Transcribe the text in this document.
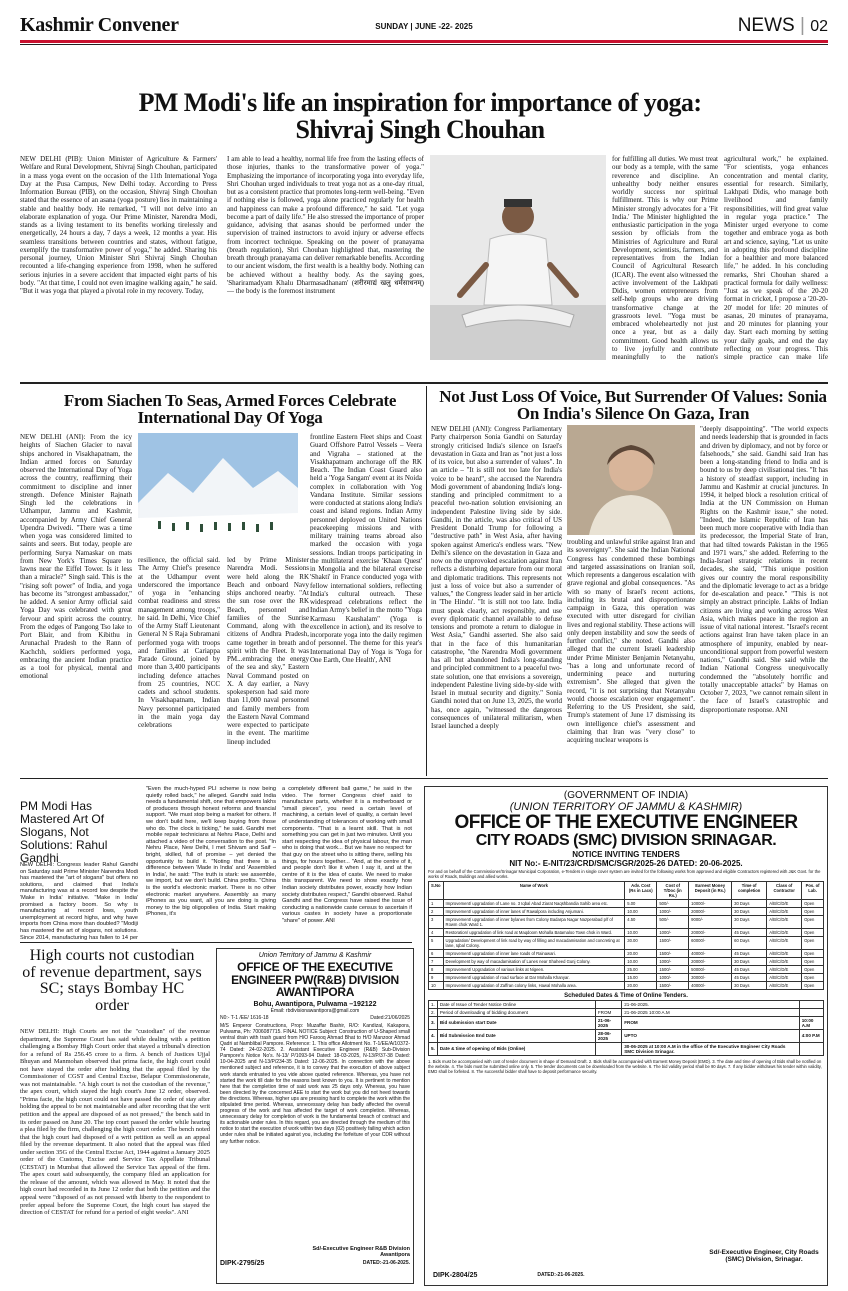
Kashmir Convener	SUNDAY | JUNE -22- 2025	NEWS | 02
PM Modi's life an inspiration for importance of yoga: Shivraj Singh Chouhan
NEW DELHI (PIB): Union Minister of Agriculture & Farmers' Welfare and Rural Development, Shivraj Singh Chouhan, participated in a mass yoga event on the occasion of the 11th International Yoga Day at the Pusa Campus, New Delhi today. According to Press Information Bureau (PIB), on the occasion, Shivraj Singh Chouhan stated that the essence of an asana (yoga posture) lies in maintaining a stable and healthy body. He remarked, "I will not delve into an elaborate explanation of yoga. Our Prime Minister, Narendra Modi, stands as a living testament to its benefits working tirelessly and energetically, 24 hours a day, 7 days a week, 12 months a year. His seamless transitions between countries and states, without fatigue, exemplify the transformative power of yoga," he added. Sharing his personal journey, Union Minister Shri Shivraj Singh Chouhan recounted a life-changing experience from 1998, when he suffered serious injuries in a severe accident that impacted eight parts of his body. "At that time, I could not even imagine walking again," he said. "But it was yoga that played a pivotal role in my recovery. Today,
I am able to lead a healthy, normal life free from the lasting effects of those injuries, thanks to the transformative power of yoga." Emphasizing the importance of incorporating yoga into everyday life, Shri Chouhan urged individuals to treat yoga not as a one-day ritual, but as a consistent practice that promotes long-term well-being. "Even if nothing else is followed, yoga alone practiced regularly for health and happiness can make a profound difference," he said. "Let yoga become a part of daily life." He also stressed the importance of proper guidance, advising that asanas should be performed under the supervision of trained instructors to avoid injury or adverse effects from incorrect technique. Speaking on the power of pranayama (breath regulation), Shri Chouhan highlighted that, mastering the breath through pranayama can deliver remarkable benefits. According to our ancient wisdom, the first wealth is a healthy body. Nothing can be achieved without a healthy body. As the saying goes, 'Shariramadyam Khalu Dharmasadhanam' (शरीरमाद्यं खलु धर्मसाधनम्) — the body is the foremost instrument
From Siachen To Seas, Armed Forces Celebrate International Day Of Yoga
NEW DELHI (ANI): From the icy heights of Siachen Glacier to naval ships anchored in Visakhapatnam, the Indian armed forces on Saturday observed the International Day of Yoga across the country, reaffirming their commitment to discipline and inner strength. Defence Minister Rajnath Singh led the celebrations in Udhampur, Jammu and Kashmir, accompanied by Army Chief General Upendra Dwivedi. "There was a time when yoga was considered limited to saints and seers. But today, people are performing Surya Namaskar on mats from New York's Times Square to lawns near the Eiffel Tower. Is it less than a miracle?" Singh said. This is the "rising soft power" of India, and yoga has become its "strongest ambassador," he added. A senior Army official said Yoga Day was celebrated with great fervour and spirit across the country. From the edges of Pangong Tso lake to Port Blair, and from Kibithu in Arunachal Pradesh to the Rann of Kachchh, soldiers performed yoga, embracing the ancient Indian practice as a tool for physical, mental and emotional
resilience, the official said. The Army Chief's presence at the Udhampur event underscored the importance of yoga in "enhancing combat readiness and stress management among troops," he said. In Delhi, Vice Chief of the Army Staff Lieutenant General N S Raja Subramani performed yoga with troops and families at Cariappa Parade Ground, joined by more than 3,400 participants including defence attaches from 25 countries, NCC cadets and school students. In Visakhapatnam, Indian Navy personnel participated in the main yoga day celebrations
led by Prime Minister Narendra Modi. Sessions were held along the RK Beach and onboard Navy ships anchored nearby. "At the sun rose over the RK Beach, personnel and families of the Sunrise Command, along with the citizens of Andhra Pradesh, came together in breath and spirit with the Fleet. It was PM...embracing the energy of the sea and sky," Eastern Naval Command posted on X. A day earlier, a Navy spokesperson had said more than 11,000 naval personnel and family members from the Eastern Naval Command were expected to participate in the event. The maritime lineup included
frontline Eastern Fleet ships and Coast Guard Offshore Patrol Vessels – Veera and Vigraha – stationed at the Visakhapatnam anchorage off the RK Beach. The Indian Coast Guard also held a 'Yoga Sangam' event at its Noida complex in collaboration with Yog Vandana Institute. Similar sessions were conducted at stations along India's coast and island regions. Indian Army personnel deployed on United Nations peacekeeping missions and with military training teams abroad also marked the occasion with yoga sessions. Indian troops participating in the multilateral exercise 'Khaan Quest' in Mongolia and the bilateral exercise 'Shakti' in France conducted yoga with fellow international soldiers, reflecting India's cultural outreach. These widespread celebrations reflect the Indian Army's belief in the motto "Yoga Karmasu Kaushalam" (Yoga is excellence in action), and its resolve to incorporate yoga into the daily regimen of personnel. The theme for this year's International Day of Yoga is 'Yoga for One Earth, One Health', ANI
Not Just Loss Of Voice, But Surrender Of Values: Sonia On India's Silence On Gaza, Iran
NEW DELHI (ANI): Congress Parliamentary Party chairperson Sonia Gandhi on Saturday strongly criticised India's silence on Israel's devastation in Gaza and Iran as "not just a loss of its voice, but also a surrender of values". In an article – "It is still not too late for India's voice to be heard", she accused the Narendra Modi government of abandoning India's long-standing and principled commitment to a peaceful two-nation solution envisioning an independent Palestine living side by side. Gandhi, in the article, was also critical of US President Donald Trump for following a "destructive path" in West Asia, after having spoken against America's endless wars. "New Delhi's silence on the devastation in Gaza and now on the unprovoked escalation against Iran reflects a disturbing departure from our moral and diplomatic traditions. This represents not just a loss of voice but also a surrender of values," the Congress leader said in her article in 'The Hindu'. "It is still not too late. India must speak clearly, act responsibly, and use every diplomatic channel available to defuse tensions and promote a return to dialogue in West Asia," Gandhi asserted. She also said that in the face of this humanitarian catastrophe, "the Narendra Modi government has all but abandoned India's long-standing and principled commitment to a peaceful two-state solution, one that envisions a sovereign, independent Palestine living side-by-side with Israel in mutual security and dignity." Sonia Gandhi noted that on June 13, 2025, the world has, once again, "witnessed the dangerous consequences of unilateral militarism, when Israel launched a deeply
troubling and unlawful strike against Iran and its sovereignty". She said the Indian National Congress has condemned these bombings and targeted assassinations on Iranian soil, which represents a dangerous escalation with grave regional and global consequences. "As with so many of Israel's recent actions, including its brutal and disproportionate campaign in Gaza, this operation was executed with utter disregard for civilian lives and regional stability. These actions will only deepen instability and sow the seeds of further conflict," she noted. Gandhi also alleged that the current Israeli leadership under Prime Minister Benjamin Netanyahu, "has a long and unfortunate record of undermining peace and nurturing extremism". She alleged that given the record, "it is not surprising that Netanyahu would choose escalation over engagement". Referring to the US President, she said, Trump's statement of June 17 dismissing its own intelligence chief's assessment and claiming that Iran was "very close" to acquiring nuclear weapons is
"deeply disappointing". "The world expects and needs leadership that is grounded in facts and driven by diplomacy, and not by force or falsehoods," she said. Gandhi said Iran has been a long-standing friend to India and is bound to us by deep civilisational ties. "It has a history of steadfast support, including in Jammu and Kashmir at crucial junctures. In 1994, it helped block a resolution critical of India at the UN Commission on Human Rights on the Kashmir issue," she noted. "Indeed, the Islamic Republic of Iran has been much more cooperative with India than its predecessor, the Imperial State of Iran, that had tilted towards Pakistan in the 1965 and 1971 wars," she added. Referring to the India-Israel strategic relations in recent decades, she said, "This unique position gives our country the moral responsibility and the diplomatic leverage to act as a bridge for de-escalation and peace." "This is not simply an abstract principle. Lakhs of Indian citizens are living and working across West Asia, which makes peace in the region an issue of vital national interest. "Israel's recent actions against Iran have taken place in an atmosphere of impunity, enabled by near-unconditional support from powerful western nations," Gandhi said. She said while the Indian National Congress unequivocally condemned the "absolutely horrific and totally unacceptable attacks" by Hamas on October 7, 2023, "we cannot remain silent in the face of Israel's catastrophic and disproportionate response. ANI
PM Modi Has Mastered Art Of Slogans, Not Solutions: Rahul Gandhi
NEW DELHI: Congress leader Rahul Gandhi on Saturday said Prime Minister Narendra Modi has mastered the "art of slogans" but offers no solutions, and claimed that India's manufacturing was at a record low despite the 'Make in India' initiative. "Make in India' promised a factory boom. So why is manufacturing at record lows, youth unemployment at record highs, and why have imports from China more than doubled? "Modiji has mastered the art of slogans, not solutions. Since 2014, manufacturing has fallen to 14 per
"Even the much-hyped PLI scheme is now being quietly rolled back," he alleged. Gandhi said India needs a fundamental shift, one that empowers lakhs of producers through honest reforms and financial support. "We must stop being a market for others. If we don't build here, we'll keep buying from those who do. The clock is ticking," he said. Gandhi met mobile repair technicians at Nehru Place, Delhi and attached a video of the conversation to the post. "In Nehru Place, New Delhi, I met Shivam and Saif – bright, skilled, full of promise – yet denied the opportunity to build it. "Noting that there is a difference between 'Made in India' and 'Assembled in India', he said: "The truth is stark: we assemble, we import, but we don't build. China profits. "China is the world's electronic market. There is no other electronic market anywhere. Assembly as many iPhones as you want, all you are doing is giving money to the big oligopolies of India. Start making iPhones, it's
a completely different ball game," he said in the video. The former Congress chief said to manufacture parts, whether it is a motherboard or "small pieces", you need a certain level of machining, a certain level of quality, a certain level of understanding of tolerances of working with small components. "That is a learnt skill. That is not something you can get in just two minutes. Until you start respecting the idea of physical labour, the man who is doing that work... But we have no respect for that guy on the street who is sitting there, selling his things, for hours together... "And, at the centre of it, and people don't like it when I say it, and at the centre of it is the idea of caste. We need to make this transparent. We need to show exactly how Indian society distributes power, exactly how Indian society distributes respect," Gandhi observed. Rahul Gandhi and the Congress have raised the issue of conducting a nationwide caste census to ascertain if various castes in society have a proportionate "share" of power. ANI
High courts not custodian of revenue department, says SC; stays Bombay HC order
NEW DELHI: High Courts are not the "custodian" of the revenue department, the Supreme Court has said while dealing with a petition challenging a Bombay High Court order that stayed a tribunal's direction for a refund of Rs 256.45 crore to a firm. A bench of Justices Ujjal Bhuyan and Manmohan observed that prima facie, the high court could not have stayed the order after holding that the appeal filed by the Commissioner of CGST and Central Excise, Belapur Commissionerate, was not maintainable. "A high court is not the custodian of the revenue," the apex court, which stayed the high court's June 12 order, observed. "Prima facie, the high court could not have passed the order of stay after holding the appeal to be not maintainable and after recording that the writ petition and the appeal are disposed of as not pressed," the bench said in its order passed on June 20. The top court passed the order while hearing a plea filed by the firm, challenging the high court order. The bench noted that the high court had disposed of a writ petition as well as an appeal filed by the revenue department. It also noted that the appeal was filed under section 35G of the Central Excise Act, 1944 against a January 2025 order of the Customs, Excise and Service Tax Appellate Tribunal (CESTAT) in Mumbai that allowed the Service Tax appeal of the firm. The apex court said subsequently, the company filed an application for the release of the amount, which was allowed in May. It noted that the high court had recorded in its June 12 order that both the petition and the appeal were "disposed of as not pressed with liberty to the respondent to prefer appeal before the Supreme Court, the high court has stayed the direction of CESTAT for refund for a period of eight weeks". ANI
Union Territory of Jammu & Kashmir
OFFICE OF THE EXECUTIVE ENGINEER PW(R&B) DIVISION AWANTIPORA
Bohu, Awantipora, Pulwama –192122
Email: rbdivisionawantipora@gmail.com
N0:- T-1 /EE/ 1616-18	Dated:21/06/2025
M/S Emperor Constructions, Prop: Muzaffar Bashir, R/O: Kandizal, Kakapora, Pulwama, Ph: 7006087715. FINAL NOTICE Subject: Construction of U-Shaped small ventral drain with trash guard from H/O Farooq Ahmad Bhat to H/O Manzoor Ahmad Qadri at Namblibal Pampore. Reference: 1. This office Allotment No. T-1/EE/A/10372-74 Dated: 24-02-2025. 2. Assistant Executive Engineer (R&B) Sub-Division Pampore's Notice No's. N-13/ P/1093-94 Dated: 18-03-2025, N-13/P/37-38 Dated: 10-04-2025 and N-13/P/234-35 Dated: 12-06-2025. In connection with the above mentioned subject and reference, it is to convey that the execution of above subject work stands entrusted to you vide above quoted reference. Whereas, you have not started the work till date for the reasons best known to you. It is pertinent to mention here that the completion time of said work was 25 days only. Whereas, you have been directed by the concerned AEE to start the work but you did not heed towards the directions. Whereas, higher ups are pressing hard to complete the work within the stipulated time period. Whereas, unnecessary delay has badly affected the overall progress of the work and has affected the target of work completion. Whereas, unnecessary delay for completion of work is the fundamental breach of contract and its actionable under rules. In this regard, you are directed through the medium of this notice to start the execution of work within two days (02) positively failing which action under rules shall be initiated against you, including the forfeiture of your CDR without any further notice.
Sd/-Executive Engineer R&B Division Awantipora
DIPK-2795/25	DATED:-21-06-2025.
(GOVERNMENT OF INDIA)
(UNION TERRITORY OF JAMMU & KASHMIR)
OFFICE OF THE EXECUTIVE ENGINEER
CITY ROADS (SMC) DIVISION SRINAGAR.
NOTICE INVITING TENDERS
NIT No:- E-NIT/23/CRD/SMC/SGR/2025-26 DATED: 20-06-2025.
For and on behalf of the Commissioner/Srinagar Municipal Corporation, e-Tenders in single cover system are invited for the following works from approved and eligible Contractors registered with J&K Govt. for the works of Roads, Buildings and allied works.
S.No	Name of Work	Adv. Cost (Rs in Lacs)	Cost of T/Doc (in Rs.)	Earnest Money Deposit (in Rs.)	Time of completion	Class of Contractor	Pos. of Lab.
1	Improvement/ upgradation of Lane no. 3 Iqbal Abad Ziarat Naqshbandia Sahib area etc.	5.00	500/-	10000/-	30 Days	A/B/C/D/E	Open
2	Improvement/ upgradation of inner lanes of Rawalpora including Anjumani.	10.00	1000/-	20000/-	30 Days	A/B/C/D/E	Open
3	Improvement/ upgradation of inner bylanes from Colony Badarpa Nagar Nazperabad p/f of Rowm chok Ward 1.	4.50	500/-	9000/-	30 Days	A/B/C/D/E	Open
4	Restoration/ upgradation of link road at Maqdoom Mohalla Batamaloo Town chok in Ward.	10.00	1000/-	20000/-	45 Days	A/B/C/D/E	Open
5	Upgradation/ Development of link road by way of filling and macadamisation and concreting at lane, Iqbal Colony.	30.00	1500/-	60000/-	60 Days	A/B/C/D/E	Open
6	Improvement/ upgradation of inner lane roads of Rainawari.	20.00	1500/-	40000/-	45 Days	A/B/C/D/E	Open
7	Development by way of macadamisation of Lanes near Shaheed Gunj Colony.	10.00	1000/-	20000/-	30 Days	A/B/C/D/E	Open
8	Improvement/ Upgradation of various links at Nigeen.	25.00	1500/-	50000/-	45 Days	A/B/C/D/E	Open
9	Improvement/ upgradation of road surface at Dar Mohalla Khanyar.	15.00	1000/-	30000/-	45 Days	A/B/C/D/E	Open
10	Improvement/ upgradation of Zaffran colony links, Hawal Mohalla area.	20.00	1500/-	40000/-	30 Days	A/B/C/D/E	Open
Scheduled Dates & Time of Online Tenders.
1.	Date of Issue of Tender Notice Online		21-06-2025.	
2.	Period of downloading of bidding document	FROM	21-06-2025 10:00 A.M	
3.	Bid submission start Date	21-06-2025	FROM	10:00 A.M
4.	Bid Submission End Date	28-06-2025	UPTO	4:00 P.M
5.	Date & time of opening of Bids (Online)		30-06-2025 at 10:00 A.M in the office of the Executive Engineer City Roads SMC Division Srinagar.	
1. Bids must be accompanied with cost of tender document in shape of Demand Draft. 2. Bids shall be accompanied with Earnest Money Deposit (EMD). 3. The date and time of opening of Bids shall be notified on the website. 4. The bids must be submitted online only. 5. The tender documents can be downloaded from the website. 6. The bid validity period shall be 90 days. 7. If any bidder withdraws his tender within validity, EMD shall be forfeited. 8. The successful bidder shall have to deposit performance security.
Sd/-Executive Engineer, City Roads (SMC) Division, Srinagar.
DIPK-2804/25	DATED:-21-06-2025.
for fulfilling all duties. We must treat our body as a temple, with the same reverence and discipline. An unhealthy body neither ensures worldly success nor spiritual fulfillment. This is why our Prime Minister strongly advocates for a 'Fit India.' The Minister highlighted the enthusiastic participation in the yoga session by officials from the Ministries of Agriculture and Rural Development, scientists, farmers, and representatives from the Indian Council of Agricultural Research (ICAR). The event also witnessed the active involvement of the Lakhpati Didis, women entrepreneurs from self-help groups who are driving transformative change at the grassroots level. "Yoga must be embraced wholeheartedly not just once a year, but as a daily commitment. Good health allows us to live joyfully and contribute meaningfully to the nation's
agricultural work," he explained. "For scientists, yoga enhances concentration and mental clarity, essential for research. Similarly, Lakhpati Didis, who manage both livelihood and family responsibilities, will find great value in regular yoga practice." The Minister urged everyone to come together and embrace yoga as both art and science, saying, "Let us unite in adopting this profound discipline for a healthier and more balanced life," he added. In his concluding remarks, Shri Chouhan shared a practical formula for daily wellness: "Just as we speak of the 20-20 format in cricket, I propose a '20-20-20' model for life: 20 minutes of asanas, 20 minutes of pranayama, and 20 minutes for planning your day. Start each morning by setting your daily goals, and end the day reflecting on your progress. This simple practice can make life
